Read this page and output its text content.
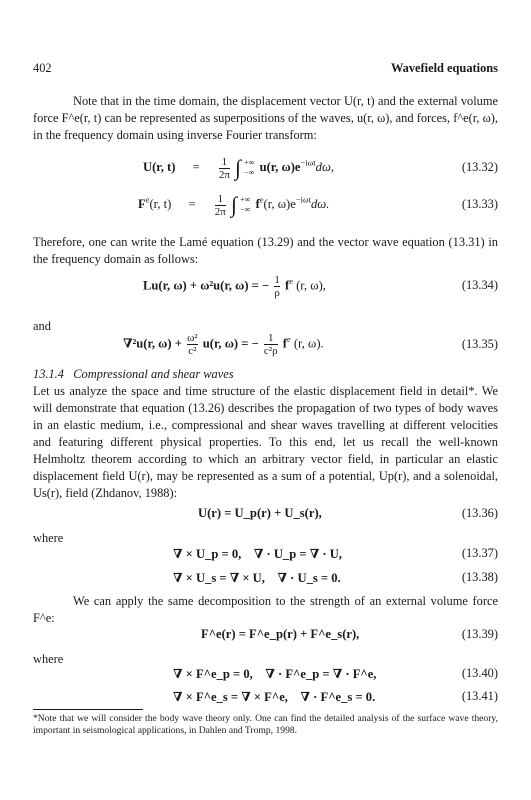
402	Wavefield equations
Note that in the time domain, the displacement vector U(r, t) and the external volume force F^e(r, t) can be represented as superpositions of the waves, u(r, ω), and forces, f^e(r, ω), in the frequency domain using inverse Fourier transform:
U(r, $t) = \frac{1}{2\pi}$ ∫ +∞
−∞ u(r, $\omega)e^{-i\omega t}d\omega$,	(13.32)
$F^e(r$, $t) = \frac{1}{2\pi}$ ∫ +∞
−∞ $f^e(r$, $\omega)e^{-i\omega t}d\omega$.	(13.33)
Therefore, one can write the Lamé equation (13.29) and the vector wave equation (13.31) in the frequency domain as follows:
Lu(r, ω) + ω²u(r, ω) = − $\frac{1}{\rho} f^e$ (r, ω),	(13.34)
and
∇²u(r, $\omega) + \frac{\text{ω²}}{\text{c²}} u(r$, ω) = − $\frac{1}{\text{c²ρ}} f^e$ (r, ω).	(13.35)
13.1.4 Compressional and shear waves
Let us analyze the space and time structure of the elastic displacement field in detail*. We will demonstrate that equation (13.26) describes the propagation of two types of body waves in an elastic medium, i.e., compressional and shear waves travelling at different velocities and featuring different physical properties. To this end, let us recall the well-known Helmholtz theorem according to which an arbitrary vector field, in particular an elastic displacement field U(r), may be represented as a sum of a potential, Up(r), and a solenoidal, Us(r), field (Zhdanov, 1988):
U(r) = U_p(r) + U_s(r),	(13.36)
where
∇ × U_p = 0,    ∇ · U_p = ∇ · U,	(13.37)
∇ × U_s = ∇ × U,    ∇ · U_s = 0.	(13.38)
We can apply the same decomposition to the strength of an external volume force F^e:
F^e(r) = F^e_p(r) + F^e_s(r),	(13.39)
where
∇ × F^e_p = 0,    ∇ · F^e_p = ∇ · F^e,	(13.40)
∇ × F^e_s = ∇ × F^e,    ∇ · F^e_s = 0.	(13.41)
*Note that we will consider the body wave theory only. One can find the detailed analysis of the surface wave theory, important in seismological applications, in Dahlen and Tromp, 1998.
